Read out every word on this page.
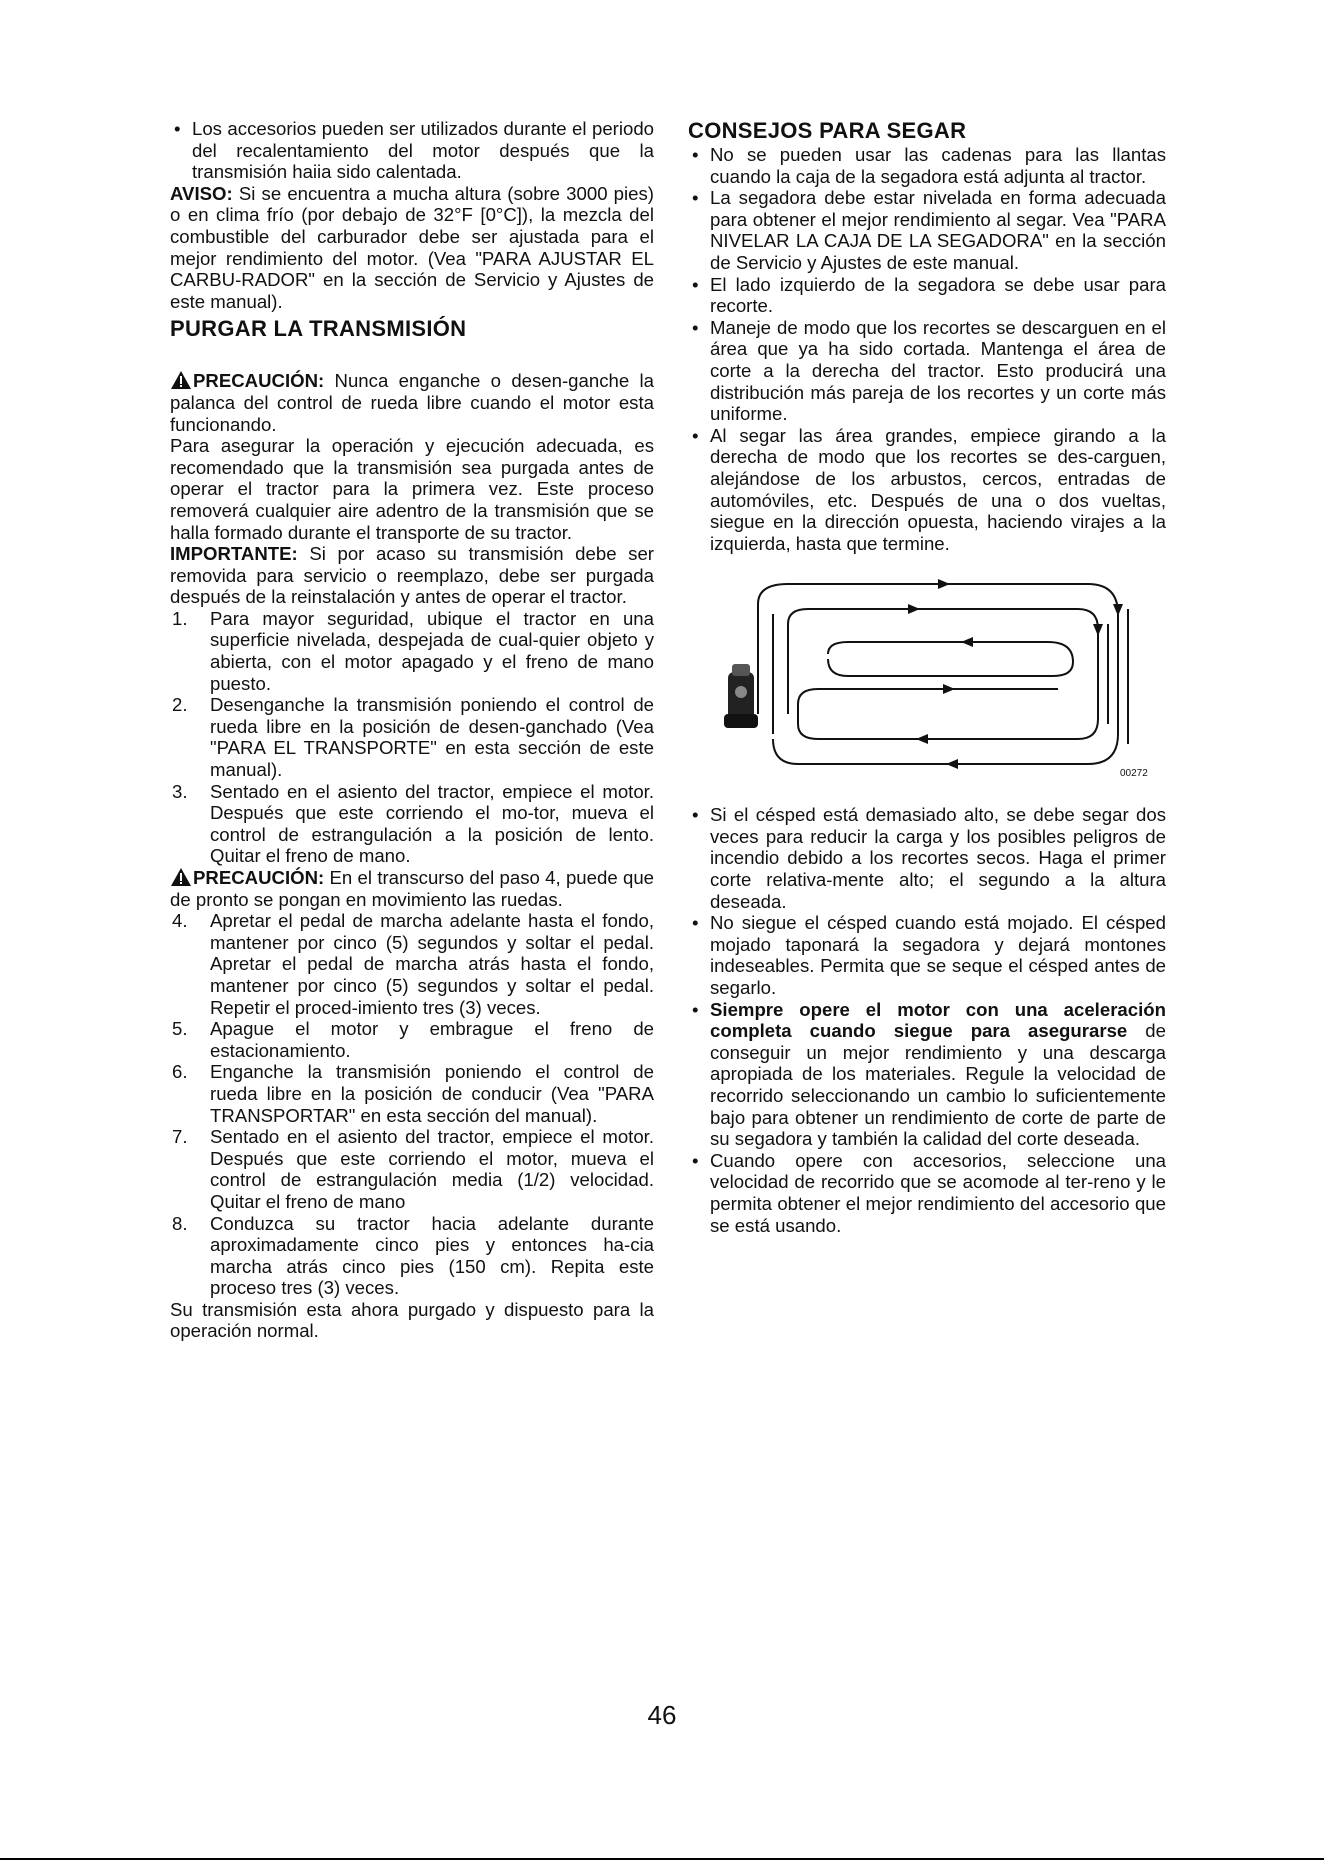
• Los accesorios pueden ser utilizados durante el periodo del recalentamiento del motor después que la transmisión haiia sido calentada.

AVISO: Si se encuentra a mucha altura (sobre 3000 pies) o en clima frío (por debajo de 32°F [0°C]), la mezcla del combustible del carburador debe ser ajustada para el mejor rendimiento del motor. (Vea "PARA AJUSTAR EL CARBU-RADOR" en la sección de Servicio y Ajustes de este manual).

PURGAR LA TRANSMISIÓN

PRECAUCIÓN: Nunca enganche o desen-ganche la palanca del control de rueda libre cuando el motor esta funcionando.

Para asegurar la operación y ejecución adecuada, es recomendado que la transmisión sea purgada antes de operar el tractor para la primera vez. Este proceso removerá cualquier aire adentro de la transmisión que se halla formado durante el transporte de su tractor.

IMPORTANTE: Si por acaso su transmisión debe ser removida para servicio o reemplazo, debe ser purgada después de la reinstalación y antes de operar el tractor.

1. Para mayor seguridad, ubique el tractor en una superficie nivelada, despejada de cual-quier objeto y abierta, con el motor apagado y el freno de mano puesto.

2. Desenganche la transmisión poniendo el control de rueda libre en la posición de desen-ganchado (Vea "PARA EL TRANSPORTE" en esta sección de este manual).

3. Sentado en el asiento del tractor, empiece el motor. Después que este corriendo el mo-tor, mueva el control de estrangulación a la posición de lento. Quitar el freno de mano.

PRECAUCIÓN: En el transcurso del paso 4, puede que de pronto se pongan en movimiento las ruedas.

4. Apretar el pedal de marcha adelante hasta el fondo, mantener por cinco (5) segundos y soltar el pedal. Apretar el pedal de marcha atrás hasta el fondo, mantener por cinco (5) segundos y soltar el pedal. Repetir el proced-imiento tres (3) veces.

5. Apague el motor y embrague el freno de estacionamiento.

6. Enganche la transmisión poniendo el control de rueda libre en la posición de conducir (Vea "PARA TRANSPORTAR" en esta sección del manual).

7. Sentado en el asiento del tractor, empiece el motor. Después que este corriendo el motor, mueva el control de estrangulación media (1/2) velocidad. Quitar el freno de mano

8. Conduzca su tractor hacia adelante durante aproximadamente cinco pies y entonces ha-cia marcha atrás cinco pies (150 cm). Repita este proceso tres (3) veces.

Su transmisión esta ahora purgado y dispuesto para la operación normal.

CONSEJOS PARA SEGAR

• No se pueden usar las cadenas para las llantas cuando la caja de la segadora está adjunta al tractor.

• La segadora debe estar nivelada en forma adecuada para obtener el mejor rendimiento al segar. Vea "PARA NIVELAR LA CAJA DE LA SEGADORA" en la sección de Servicio y Ajustes de este manual.

• El lado izquierdo de la segadora se debe usar para recorte.

• Maneje de modo que los recortes se descarguen en el área que ya ha sido cortada. Mantenga el área de corte a la derecha del tractor. Esto producirá una distribución más pareja de los recortes y un corte más uniforme.

• Al segar las área grandes, empiece girando a la derecha de modo que los recortes se des-carguen, alejándose de los arbustos, cercos, entradas de automóviles, etc. Después de una o dos vueltas, siegue en la dirección opuesta, haciendo virajes a la izquierda, hasta que termine.

00272

• Si el césped está demasiado alto, se debe segar dos veces para reducir la carga y los posibles peligros de incendio debido a los recortes secos. Haga el primer corte relativa-mente alto; el segundo a la altura deseada.

• No siegue el césped cuando está mojado. El césped mojado taponará la segadora y dejará montones indeseables. Permita que se seque el césped antes de segarlo.

• Siempre opere el motor con una aceleración completa cuando siegue para asegurarse de conseguir un mejor rendimiento y una descarga apropiada de los materiales. Regule la velocidad de recorrido seleccionando un cambio lo suficientemente bajo para obtener un rendimiento de corte de parte de su segadora y también la calidad del corte deseada.

• Cuando opere con accesorios, seleccione una velocidad de recorrido que se acomode al ter-reno y le permita obtener el mejor rendimiento del accesorio que se está usando.

46
